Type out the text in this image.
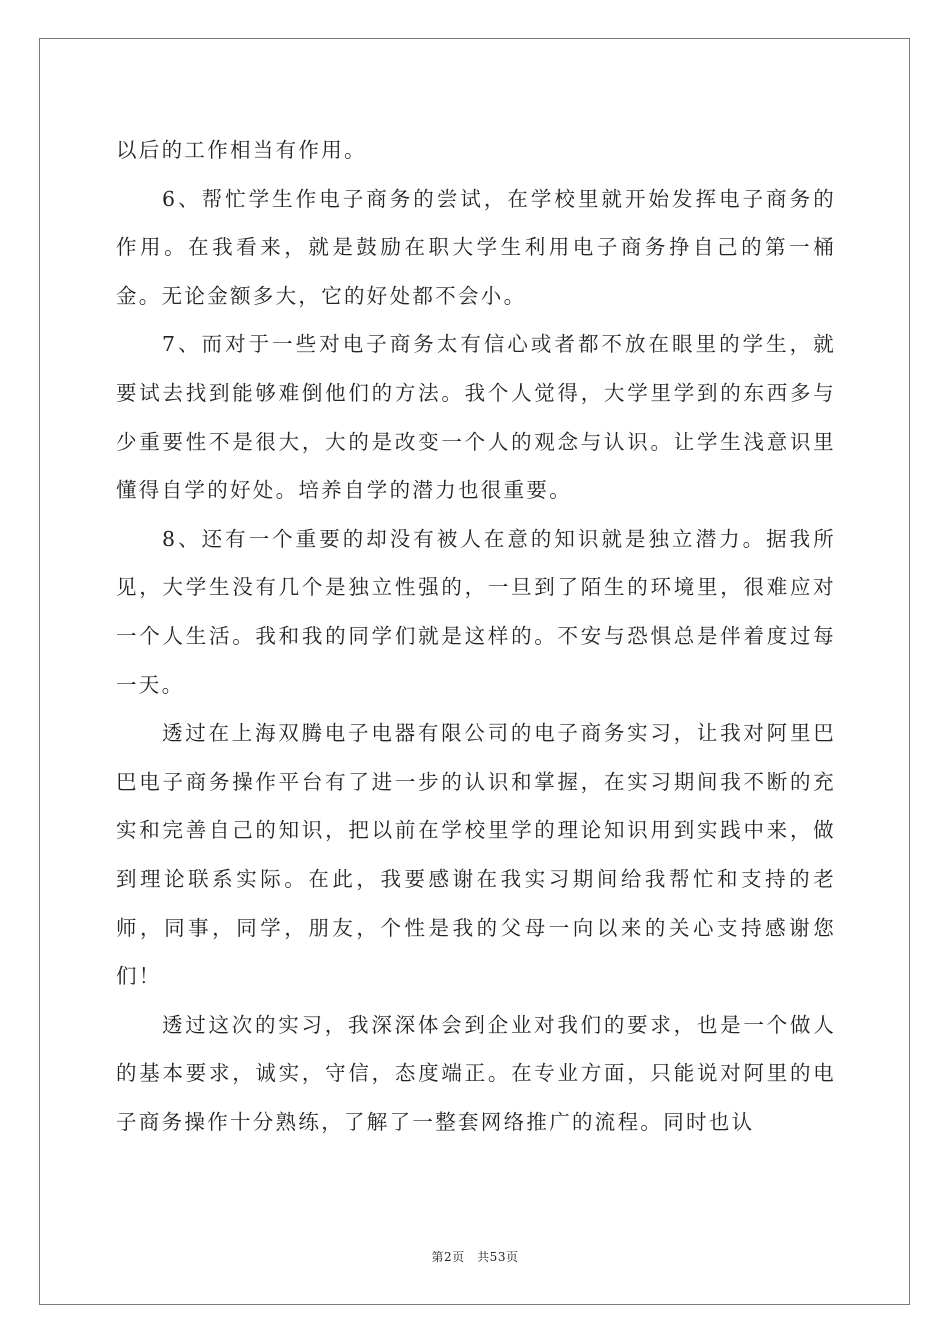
以后的工作相当有作用。

6、帮忙学生作电子商务的尝试，在学校里就开始发挥电子商务的作用。在我看来，就是鼓励在职大学生利用电子商务挣自己的第一桶金。无论金额多大，它的好处都不会小。

7、而对于一些对电子商务太有信心或者都不放在眼里的学生，就要试去找到能够难倒他们的方法。我个人觉得，大学里学到的东西多与少重要性不是很大，大的是改变一个人的观念与认识。让学生浅意识里懂得自学的好处。培养自学的潜力也很重要。

8、还有一个重要的却没有被人在意的知识就是独立潜力。据我所见，大学生没有几个是独立性强的，一旦到了陌生的环境里，很难应对一个人生活。我和我的同学们就是这样的。不安与恐惧总是伴着度过每一天。

透过在上海双腾电子电器有限公司的电子商务实习，让我对阿里巴巴电子商务操作平台有了进一步的认识和掌握，在实习期间我不断的充实和完善自己的知识，把以前在学校里学的理论知识用到实践中来，做到理论联系实际。在此，我要感谢在我实习期间给我帮忙和支持的老师，同事，同学，朋友，个性是我的父母一向以来的关心支持感谢您们！

透过这次的实习，我深深体会到企业对我们的要求，也是一个做人的基本要求，诚实，守信，态度端正。在专业方面，只能说对阿里的电子商务操作十分熟练，了解了一整套网络推广的流程。同时也认

第2页　共53页
